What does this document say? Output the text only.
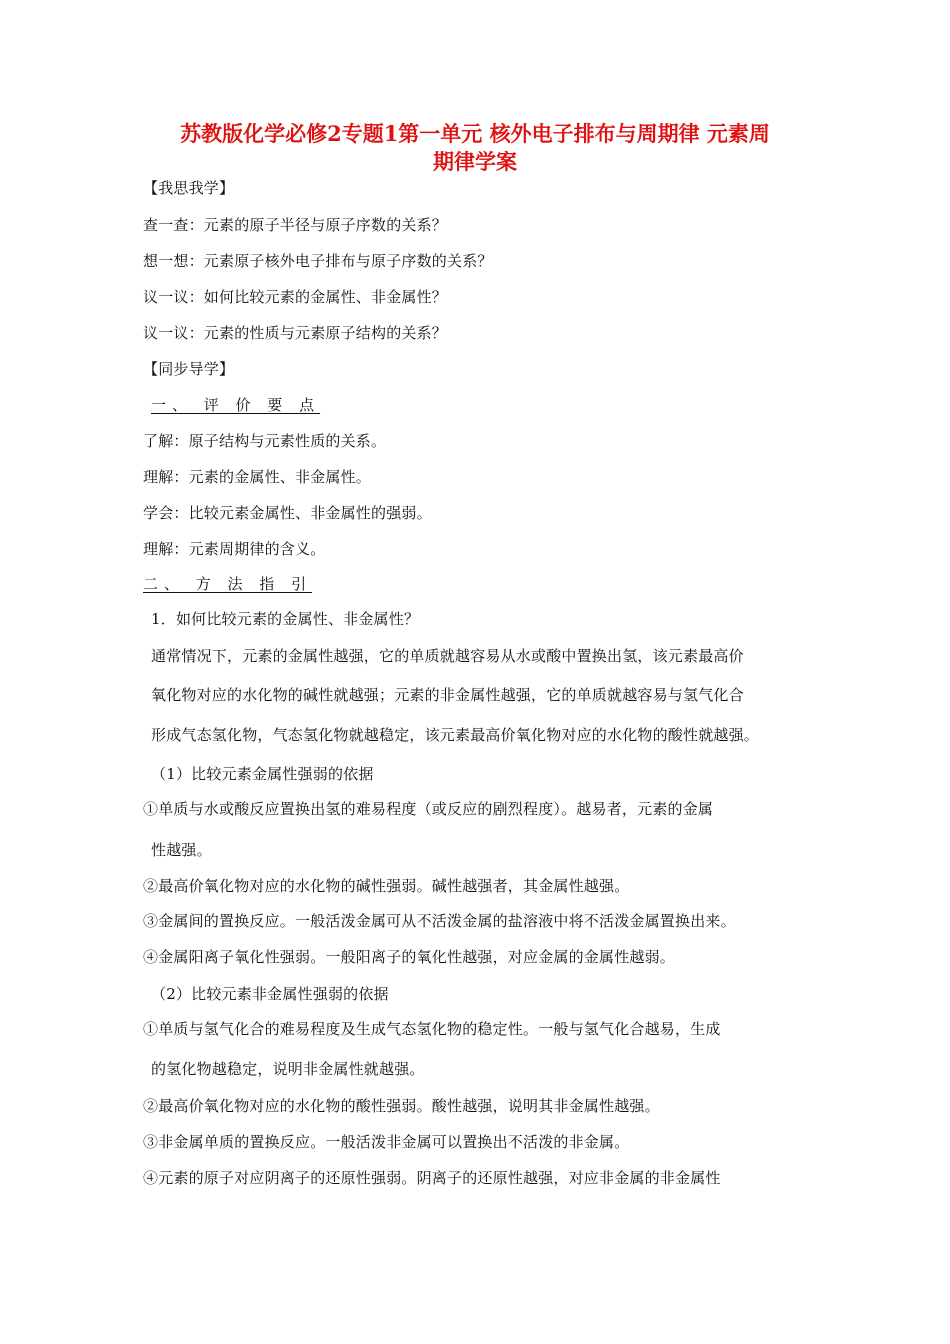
苏教版化学必修2专题1第一单元 核外电子排布与周期律 元素周
期律学案
【我思我学】
查一查：元素的原子半径与原子序数的关系？
想一想：元素原子核外电子排布与原子序数的关系？
议一议：如何比较元素的金属性、非金属性？
议一议：元素的性质与元素原子结构的关系？
【同步导学】
一、 评 价 要 点
了解：原子结构与元素性质的关系。
理解：元素的金属性、非金属性。
学会：比较元素金属性、非金属性的强弱。
理解：元素周期律的含义。
二、 方 法 指 引
1．如何比较元素的金属性、非金属性？
通常情况下，元素的金属性越强，它的单质就越容易从水或酸中置换出氢，该元素最高价
氧化物对应的水化物的碱性就越强；元素的非金属性越强，它的单质就越容易与氢气化合
形成气态氢化物，气态氢化物就越稳定，该元素最高价氧化物对应的水化物的酸性就越强。
（1）比较元素金属性强弱的依据
①单质与水或酸反应置换出氢的难易程度（或反应的剧烈程度）。越易者，元素的金属
性越强。
②最高价氧化物对应的水化物的碱性强弱。碱性越强者，其金属性越强。
③金属间的置换反应。一般活泼金属可从不活泼金属的盐溶液中将不活泼金属置换出来。
④金属阳离子氧化性强弱。一般阳离子的氧化性越强，对应金属的金属性越弱。
（2）比较元素非金属性强弱的依据
①单质与氢气化合的难易程度及生成气态氢化物的稳定性。一般与氢气化合越易，生成
的氢化物越稳定，说明非金属性就越强。
②最高价氧化物对应的水化物的酸性强弱。酸性越强，说明其非金属性越强。
③非金属单质的置换反应。一般活泼非金属可以置换出不活泼的非金属。
④元素的原子对应阴离子的还原性强弱。阴离子的还原性越强，对应非金属的非金属性
